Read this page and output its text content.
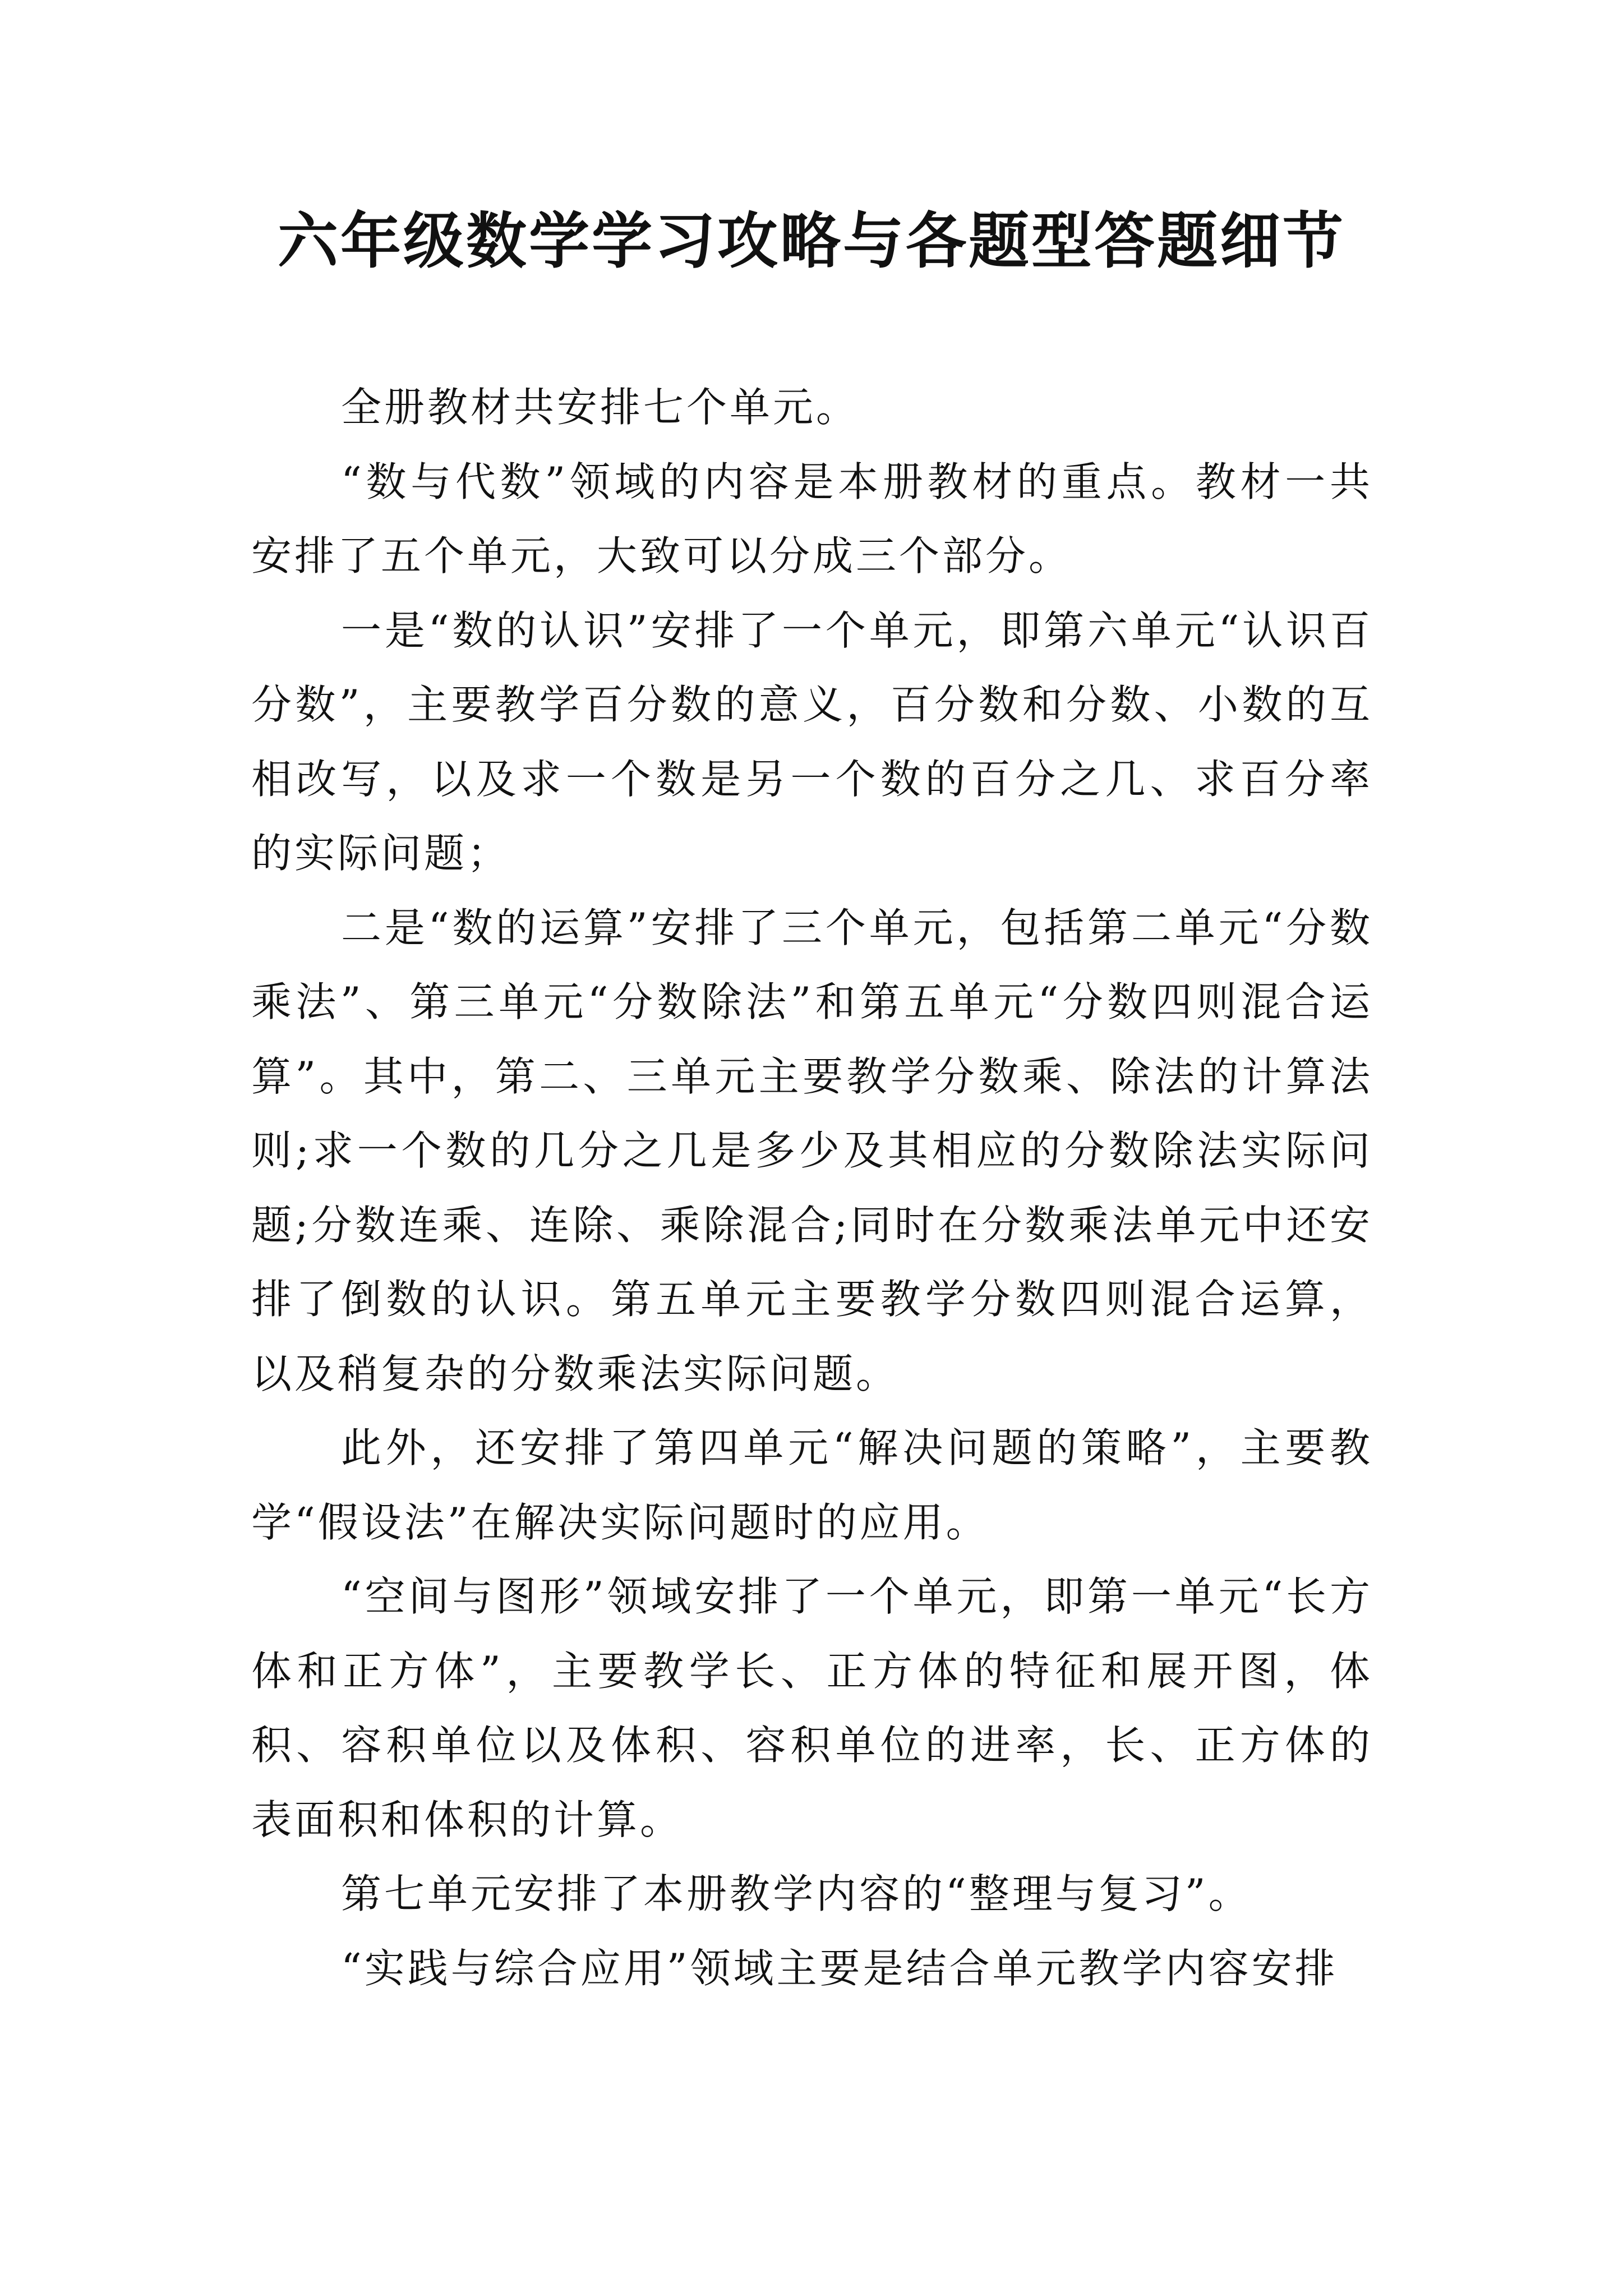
六年级数学学习攻略与各题型答题细节

全册教材共安排七个单元。

“数与代数”领域的内容是本册教材的重点。教材一共安排了五个单元，大致可以分成三个部分。

一是“数的认识”安排了一个单元，即第六单元“认识百分数”，主要教学百分数的意义，百分数和分数、小数的互相改写，以及求一个数是另一个数的百分之几、求百分率的实际问题；

二是“数的运算”安排了三个单元，包括第二单元“分数乘法”、第三单元“分数除法”和第五单元“分数四则混合运算”。其中，第二、三单元主要教学分数乘、除法的计算法则;求一个数的几分之几是多少及其相应的分数除法实际问题;分数连乘、连除、乘除混合;同时在分数乘法单元中还安排了倒数的认识。第五单元主要教学分数四则混合运算，以及稍复杂的分数乘法实际问题。

此外，还安排了第四单元“解决问题的策略”，主要教学“假设法”在解决实际问题时的应用。

“空间与图形”领域安排了一个单元，即第一单元“长方体和正方体”，主要教学长、正方体的特征和展开图，体积、容积单位以及体积、容积单位的进率，长、正方体的表面积和体积的计算。

第七单元安排了本册教学内容的“整理与复习”。

“实践与综合应用”领域主要是结合单元教学内容安排
